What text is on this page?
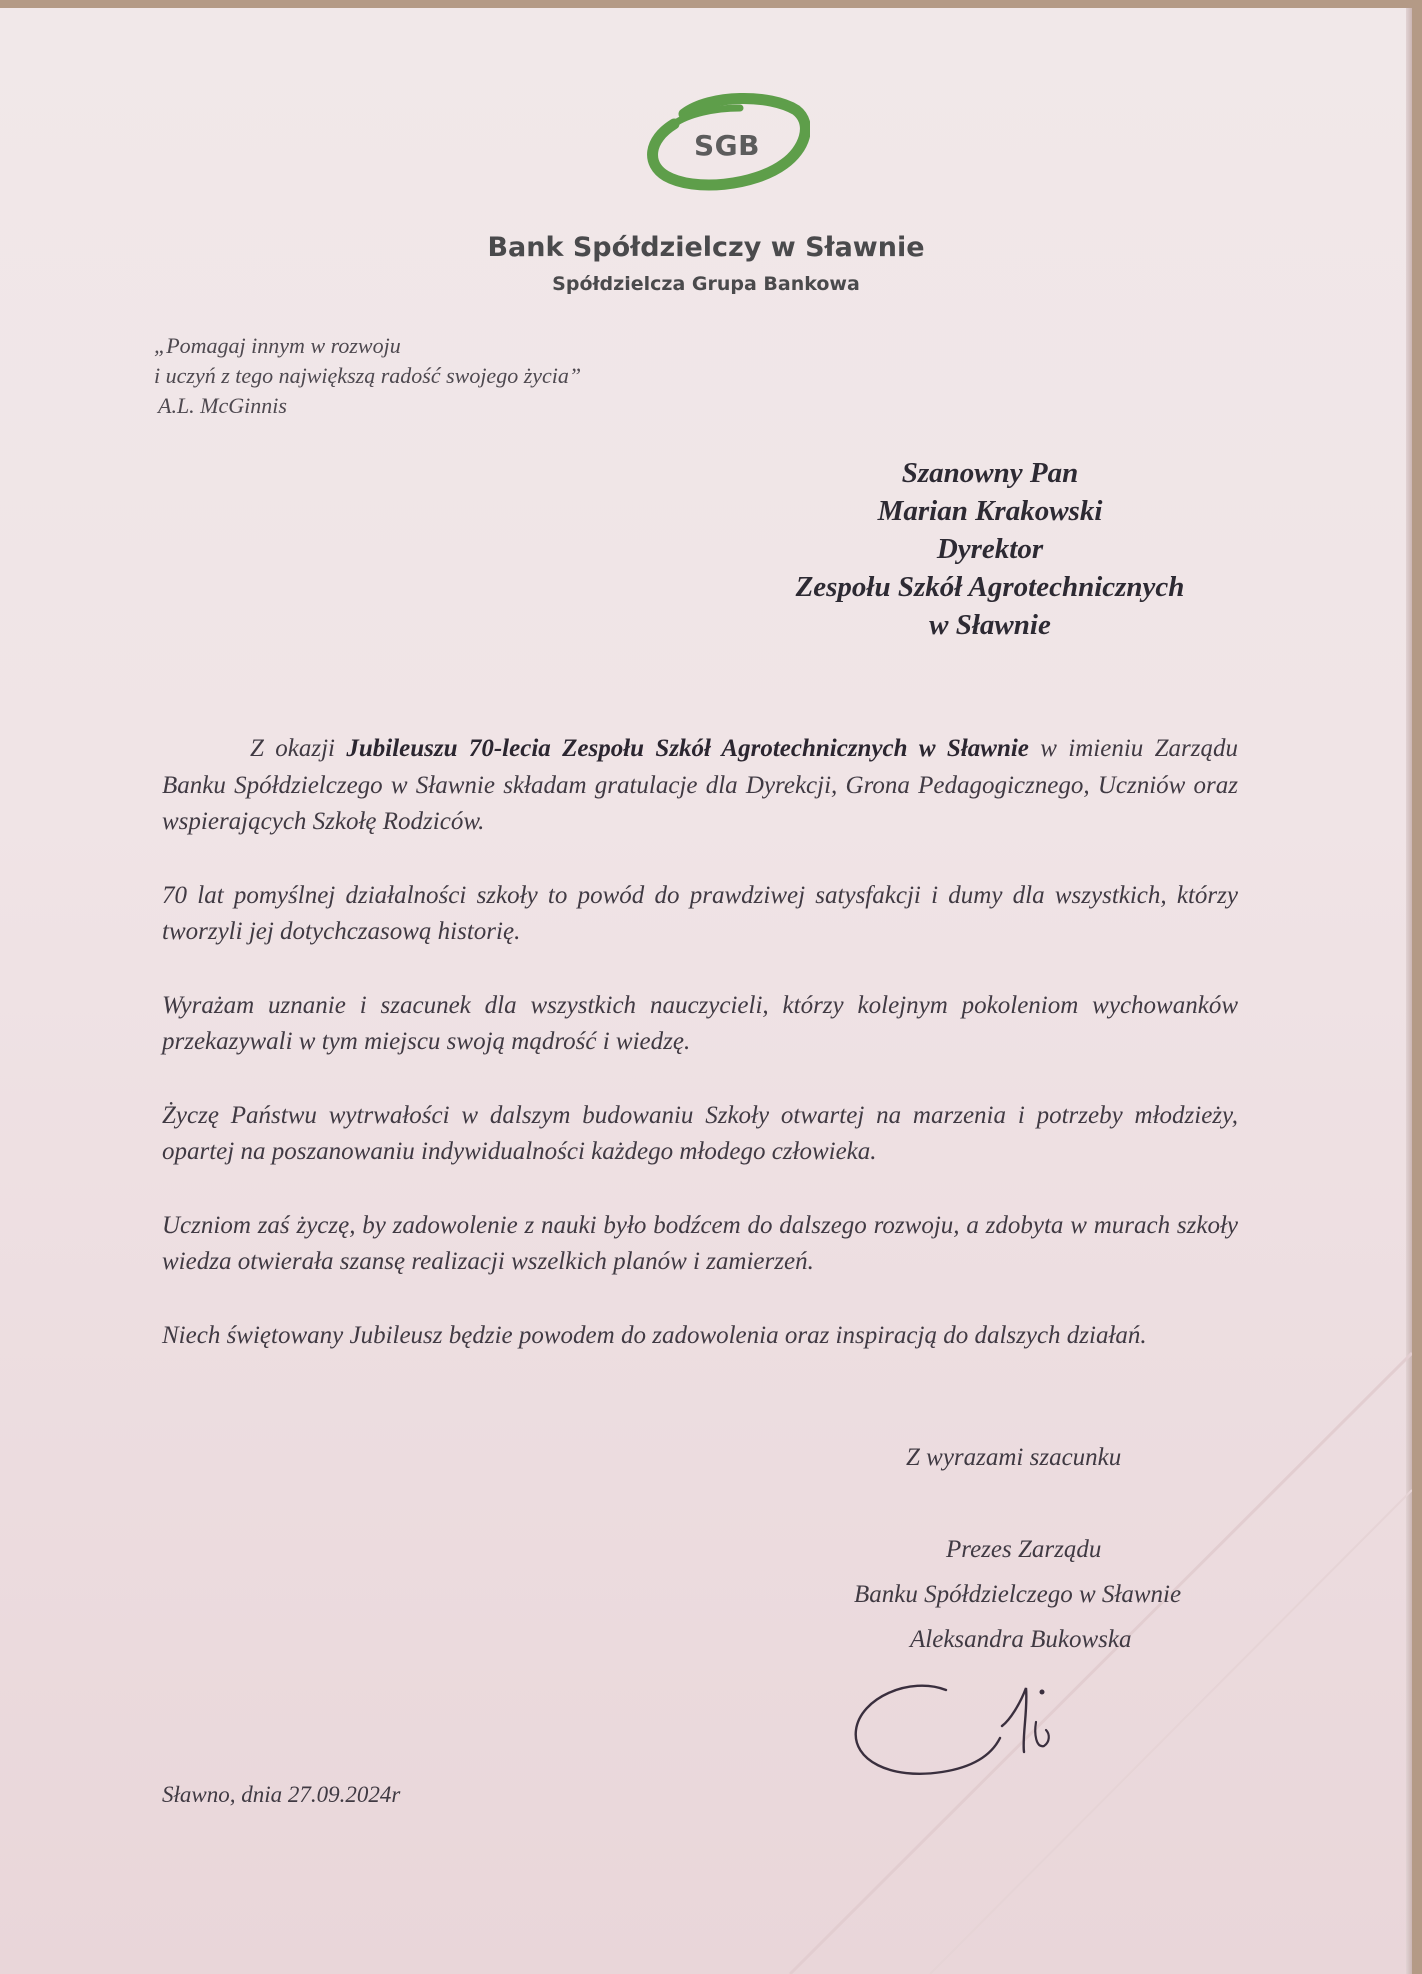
SGB
Bank Spółdzielczy w Sławnie
Spółdzielcza Grupa Bankowa
„Pomagaj innym w rozwoju
i uczyń z tego największą radość swojego życia”
A.L. McGinnis
Szanowny Pan
Marian Krakowski
Dyrektor
Zespołu Szkół Agrotechnicznych
w Sławnie

Z okazji Jubileuszu 70-lecia Zespołu Szkół Agrotechnicznych w Sławnie w imieniu Zarządu Banku Spółdzielczego w Sławnie składam gratulacje dla Dyrekcji, Grona Pedagogicznego, Uczniów oraz wspierających Szkołę Rodziców.

70 lat pomyślnej działalności szkoły to powód do prawdziwej satysfakcji i dumy dla wszystkich, którzy tworzyli jej dotychczasową historię.

Wyrażam uznanie i szacunek dla wszystkich nauczycieli, którzy kolejnym pokoleniom wychowanków przekazywali w tym miejscu swoją mądrość i wiedzę.

Życzę Państwu wytrwałości w dalszym budowaniu Szkoły otwartej na marzenia i potrzeby młodzieży, opartej na poszanowaniu indywidualności każdego młodego człowieka.

Uczniom zaś życzę, by zadowolenie z nauki było bodźcem do dalszego rozwoju, a zdobyta w murach szkoły wiedza otwierała szansę realizacji wszelkich planów i zamierzeń.

Niech świętowany Jubileusz będzie powodem do zadowolenia oraz inspiracją do dalszych działań.

Z wyrazami szacunku
Prezes Zarządu
Banku Spółdzielczego w Sławnie
Aleksandra Bukowska
Sławno, dnia 27.09.2024r
